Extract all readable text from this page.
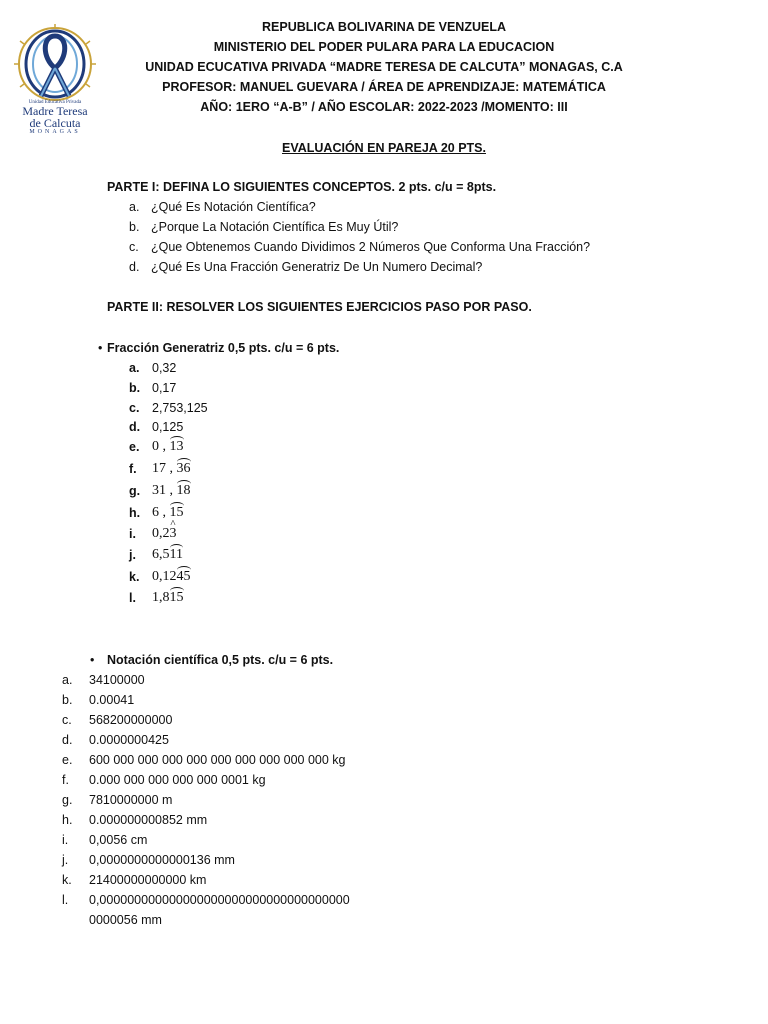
Unidad Educativa Privada
Madre Teresa
de Calcuta
MONAGAS
REPUBLICA BOLIVARINA DE VENZUELA
MINISTERIO DEL PODER PULARA PARA LA EDUCACION
UNIDAD ECUCATIVA PRIVADA “MADRE TERESA DE CALCUTA” MONAGAS, C.A
PROFESOR: MANUEL GUEVARA / ÁREA DE APRENDIZAJE: MATEMÁTICA
AÑO: 1ERO “A-B” / AÑO ESCOLAR: 2022-2023 /MOMENTO: III
EVALUACIÓN EN PAREJA 20 PTS.
PARTE I: DEFINA LO SIGUIENTES CONCEPTOS. 2 pts. c/u = 8pts.
a. ¿Qué Es Notación Científica?
b. ¿Porque La Notación Científica Es Muy Útil?
c. ¿Que Obtenemos Cuando Dividimos 2 Números Que Conforma Una Fracción?
d. ¿Qué Es Una Fracción Generatriz De Un Numero Decimal?
PARTE II: RESOLVER LOS SIGUIENTES EJERCICIOS PASO POR PASO.
• Fracción Generatriz 0,5 pts. c/u = 6 pts.
a. 0,32
b. 0,17
c. 2,753,125
d. 0,125
e. 0 , 13
f. 17 , 36
g. 31 , 18
h. 6 , 15
i. 0,2^ 3
j. 6,511
k. 0,1245
l. 1,815
• Notación científica 0,5 pts. c/u = 6 pts.
a. 34100000
b. 0.00041
c. 568200000000
d. 0.0000000425
e. 600 000 000 000 000 000 000 000 000 000 kg
f. 0.000 000 000 000 000 0001 kg
g. 7810000000 m
h. 0.000000000852 mm
i. 0,0056 cm
j. 0,0000000000000136 mm
k. 21400000000000 km
l. 0,000000000000000000000000000000000000
0000056 mm
